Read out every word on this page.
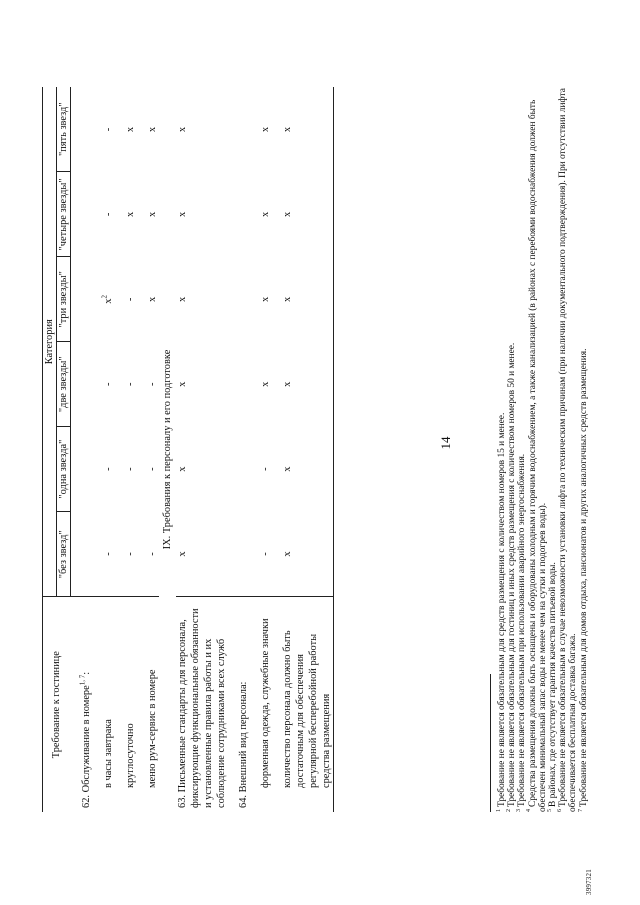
14
Требование к гостинице	Категория					
	"без звезд"	"одна звезда"	"две звезды"	"три звезды"	"четыре звезды"	"пять звезд"

62. Обслуживание в номере$^{1, 7}$:						

в часы завтрака	-	-	-	$x^2$	-	-

круглосуточно	-	-	-	-	x	x

меню рум-сервис в номере	-	-	-	x	x	x
IX. Требования к персоналу и его подготовке						
63. Письменные стандарты для персонала, фиксирующие функциональные обязанности и установленные правила работы и их соблюдение сотрудниками всех служб	x	x	x	x	x	x

64. Внешний вид персонала:						

форменная одежда, служебные значки	-	-	x	x	x	x

количество персонала должно быть достаточным для обеспечения регулярной бесперебойной работы средства размещения	x	x	x	x	x	x

$^1$Требование не является обязательным для средств размещения с количеством номеров 15 и менее.

$^2$Требование не является обязательным для гостиниц и иных средств размещения с количеством номеров 50 и менее.

$^3$Требование не является обязательным при использовании аварийного энергоснабжения.

$^4$Средства размещения должны быть оснащены и оборудованы холодным и горячим водоснабжением, а также канализацией (в районах с перебоями водоснабжения должен быть обеспечен минимальный запас воды не менее чем на сутки и подогрев воды). $^5$В районах, где отсутствует гарантия качества питьевой воды.

$^6$Требование не является обязательным в случае невозможности установки лифта по техническим причинам (при наличии документального подтверждения). При отсутствии лифта обеспечивается бесплатная доставка багажа. $^7$Требование не является обязательным для домов отдыха, пансионатов и других аналогичных средств размещения.

3997321
